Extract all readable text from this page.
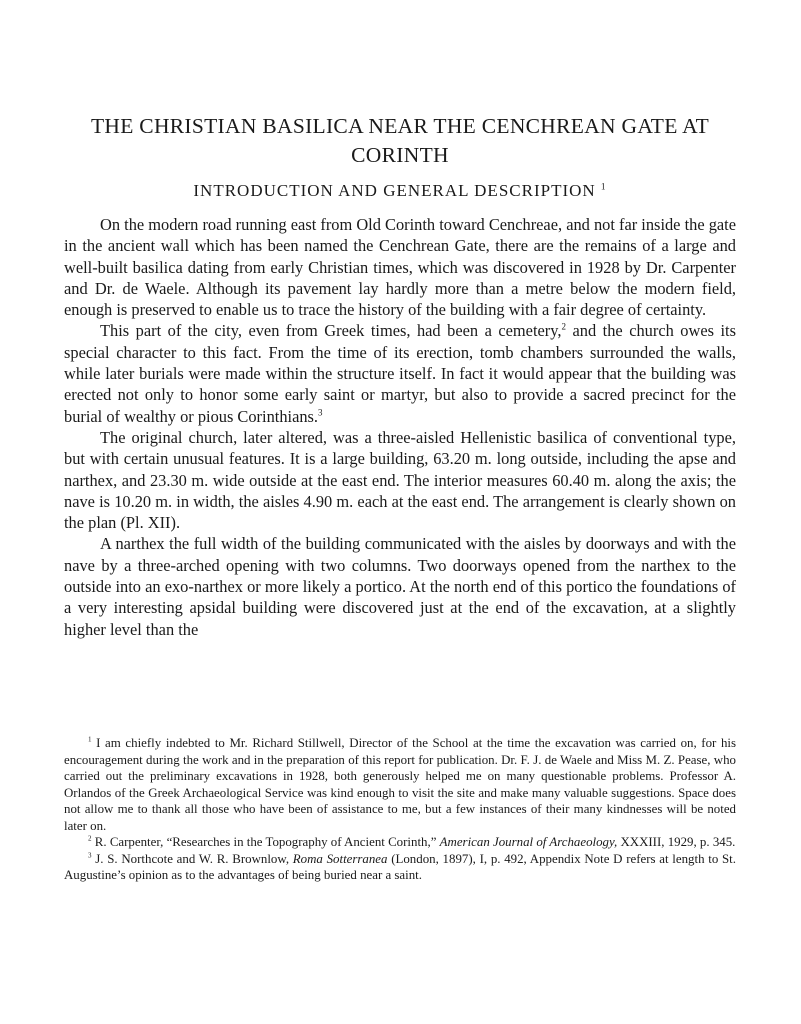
THE CHRISTIAN BASILICA NEAR THE CENCHREAN GATE AT CORINTH
INTRODUCTION AND GENERAL DESCRIPTION $^1$

On the modern road running east from Old Corinth toward Cenchreae, and not far inside the gate in the ancient wall which has been named the Cenchrean Gate, there are the remains of a large and well-built basilica dating from early Christian times, which was discovered in 1928 by Dr. Carpenter and Dr. de Waele. Although its pavement lay hardly more than a metre below the modern field, enough is preserved to enable us to trace the history of the building with a fair degree of certainty.

This part of the city, even from Greek times, had been a cemetery,$^2$ and the church owes its special character to this fact. From the time of its erection, tomb chambers surrounded the walls, while later burials were made within the structure itself. In fact it would appear that the building was erected not only to honor some early saint or martyr, but also to provide a sacred precinct for the burial of wealthy or pious Corinthians.$^3$

The original church, later altered, was a three-aisled Hellenistic basilica of conventional type, but with certain unusual features. It is a large building, 63.20 m. long outside, including the apse and narthex, and 23.30 m. wide outside at the east end. The interior measures 60.40 m. along the axis; the nave is 10.20 m. in width, the aisles 4.90 m. each at the east end. The arrangement is clearly shown on the plan (Pl. XII).

A narthex the full width of the building communicated with the aisles by doorways and with the nave by a three-arched opening with two columns. Two doorways opened from the narthex to the outside into an exo-narthex or more likely a portico. At the north end of this portico the foundations of a very interesting apsidal building were discovered just at the end of the excavation, at a slightly higher level than the

$^1$ I am chiefly indebted to Mr. Richard Stillwell, Director of the School at the time the excavation was carried on, for his encouragement during the work and in the preparation of this report for publication. Dr. F. J. de Waele and Miss M. Z. Pease, who carried out the preliminary excavations in 1928, both generously helped me on many questionable problems. Professor A. Orlandos of the Greek Archaeological Service was kind enough to visit the site and make many valuable suggestions. Space does not allow me to thank all those who have been of assistance to me, but a few instances of their many kindnesses will be noted later on.

$^2$ R. Carpenter, “Researches in the Topography of Ancient Corinth,” American Journal of Archaeology, XXXIII, 1929, p. 345.

$^3$ J. S. Northcote and W. R. Brownlow, Roma Sotterranea (London, 1897), I, p. 492, Appendix Note D refers at length to St. Augustine’s opinion as to the advantages of being buried near a saint.
